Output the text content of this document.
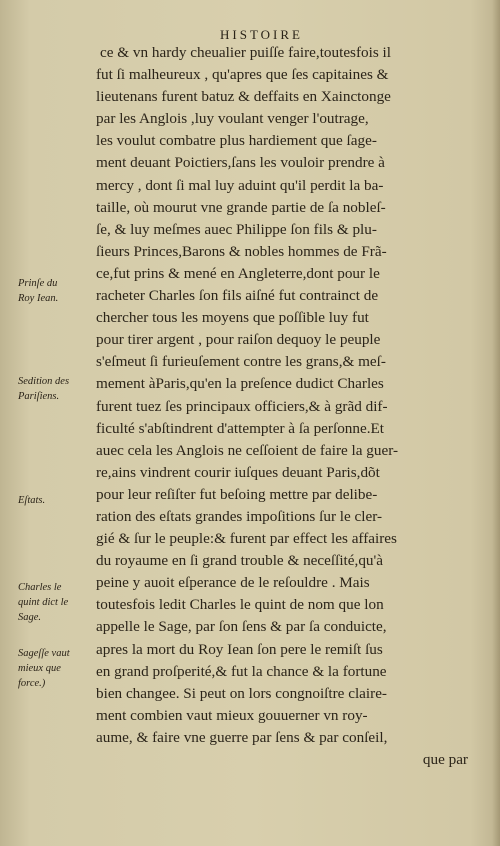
HISTOIRE
ce & vn hardy cheualier puiſſe faire,toutesfois il
fut ſi malheureux , qu'apres que ſes capitaines &
lieutenans furent batuz & deffaits en Xainctonge
par les Anglois ,luy voulant venger l'outrage,
les voulut combatre plus hardiement que ſage-
ment deuant Poictiers,ſans les vouloir prendre à
mercy , dont ſi mal luy aduint qu'il perdit la ba-
taille, où mourut vne grande partie de ſa nobleſ-
ſe, & luy meſmes auec Philippe ſon fils & plu-
ſieurs Princes,Barons & nobles hommes de Frã-
ce,fut prins & mené en Angleterre,dont pour le
racheter Charles ſon fils aiſné fut contrainct de
chercher tous les moyens que poſſible luy fut
pour tirer argent , pour raiſon dequoy le peuple
s'eſmeut ſi furieuſement contre les grans,& meſ-
mement àParis,qu'en la preſence dudict Charles
furent tuez ſes principaux officiers,& à grãd dif-
ficulté s'abſtindrent d'attempter à ſa perſonne.Et
auec cela les Anglois ne ceſſoient de faire la guer-
re,ains vindrent courir iuſques deuant Paris,dõt
pour leur reſiſter fut beſoing mettre par delibe-
ration des eſtats grandes impoſitions ſur le cler-
gié & ſur le peuple:& furent par effect les affaires
du royaume en ſi grand trouble & neceſſité,qu'à
peine y auoit eſperance de le reſouldre . Mais
toutesfois ledit Charles le quint de nom que lon
appelle le Sage, par ſon ſens & par ſa conduicte,
apres la mort du Roy Iean ſon pere le remiſt ſus
en grand proſperité,& fut la chance & la fortune
bien changee. Si peut on lors congnoiſtre claire-
ment combien vaut mieux gouuerner vn roy-
aume, & faire vne guerre par ſens & par conſeil,
que par
Prinſe du
Roy Iean.
Sedition des
Pariſiens.
Eſtats.
Charles le
quint dict le
Sage.
Sageſſe vaut
mieux que
force.)
